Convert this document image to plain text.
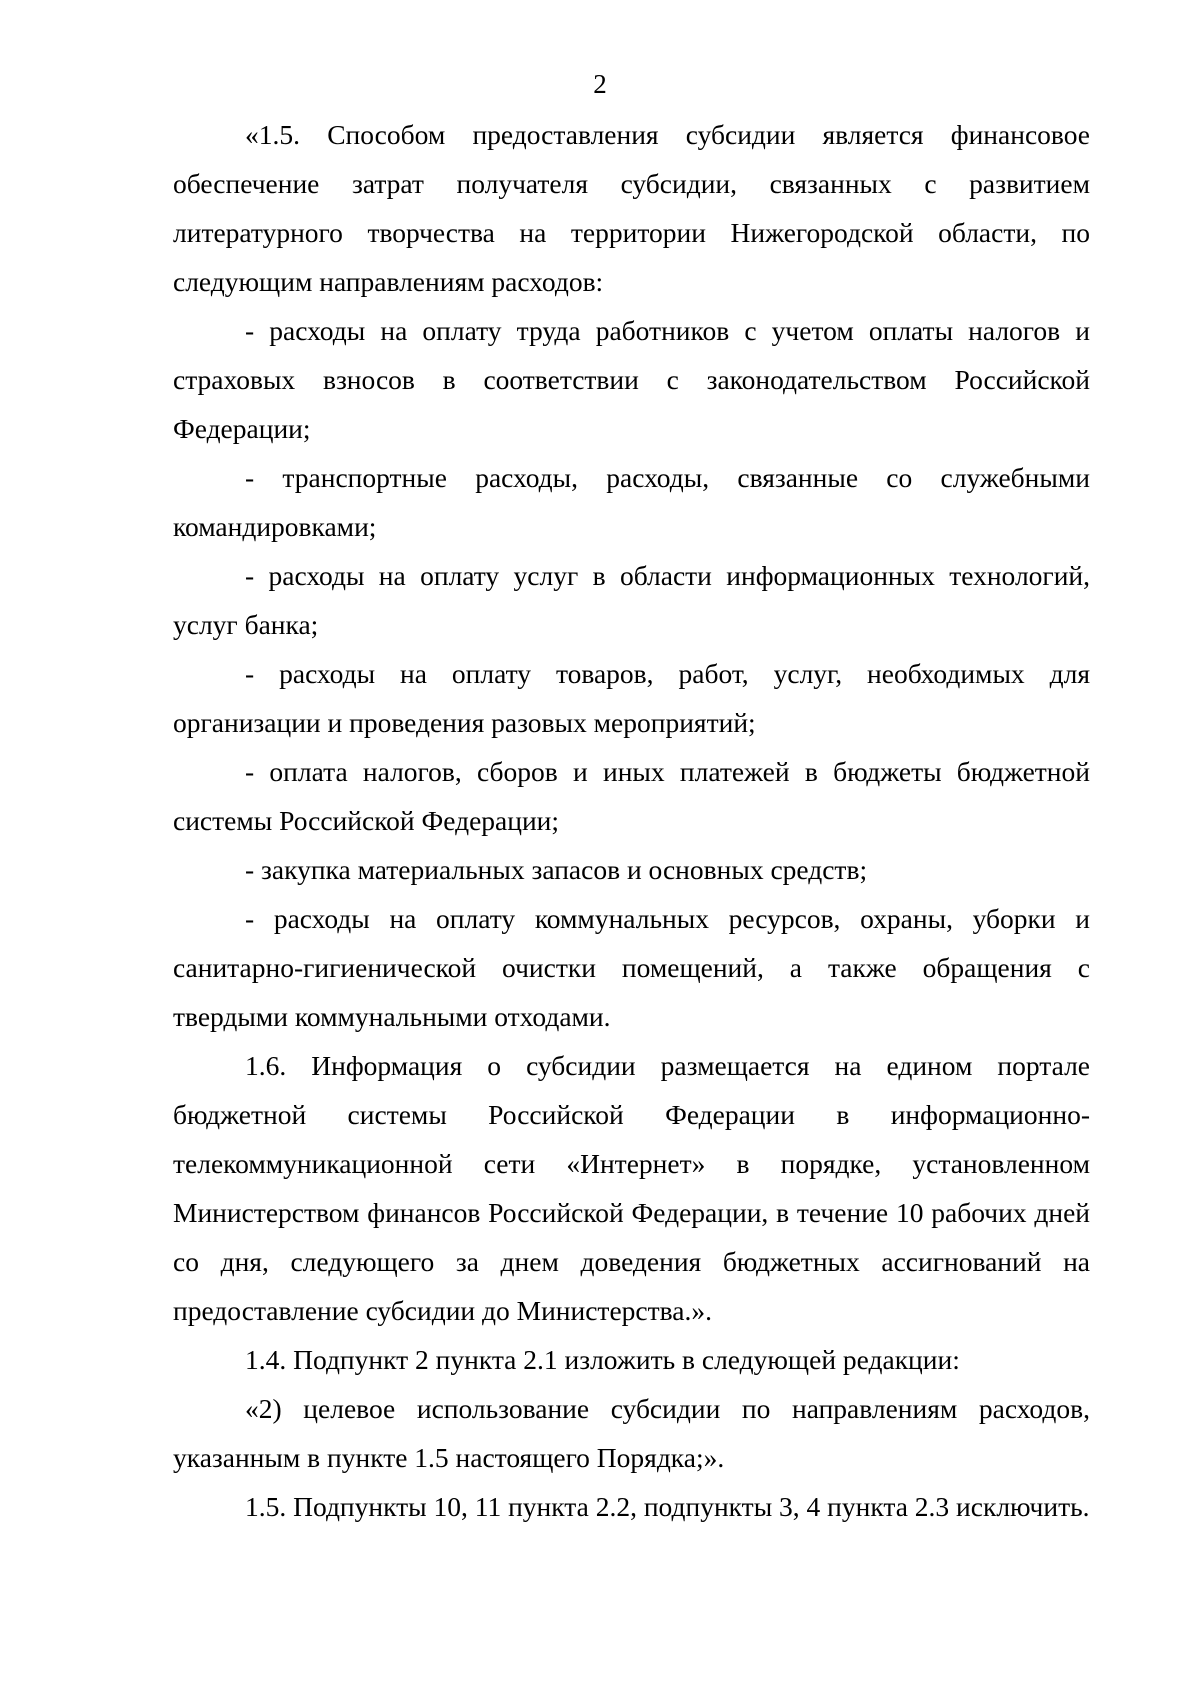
2

«1.5. Способом предоставления субсидии является финансовое обеспечение затрат получателя субсидии, связанных с развитием литературного творчества на территории Нижегородской области, по следующим направлениям расходов:

- расходы на оплату труда работников с учетом оплаты налогов и страховых взносов в соответствии с законодательством Российской Федерации;

- транспортные расходы, расходы, связанные со служебными командировками;

- расходы на оплату услуг в области информационных технологий, услуг банка;

- расходы на оплату товаров, работ, услуг, необходимых для организации и проведения разовых мероприятий;

- оплата налогов, сборов и иных платежей в бюджеты бюджетной системы Российской Федерации;

- закупка материальных запасов и основных средств;

- расходы на оплату коммунальных ресурсов, охраны, уборки и санитарно-гигиенической очистки помещений, а также обращения с твердыми коммунальными отходами.

1.6. Информация о субсидии размещается на едином портале бюджетной системы Российской Федерации в информационно-телекоммуникационной сети «Интернет» в порядке, установленном Министерством финансов Российской Федерации, в течение 10 рабочих дней со дня, следующего за днем доведения бюджетных ассигнований на предоставление субсидии до Министерства.».

1.4. Подпункт 2 пункта 2.1 изложить в следующей редакции:

«2) целевое использование субсидии по направлениям расходов, указанным в пункте 1.5 настоящего Порядка;».

1.5. Подпункты 10, 11 пункта 2.2, подпункты 3, 4 пункта 2.3 исключить.
